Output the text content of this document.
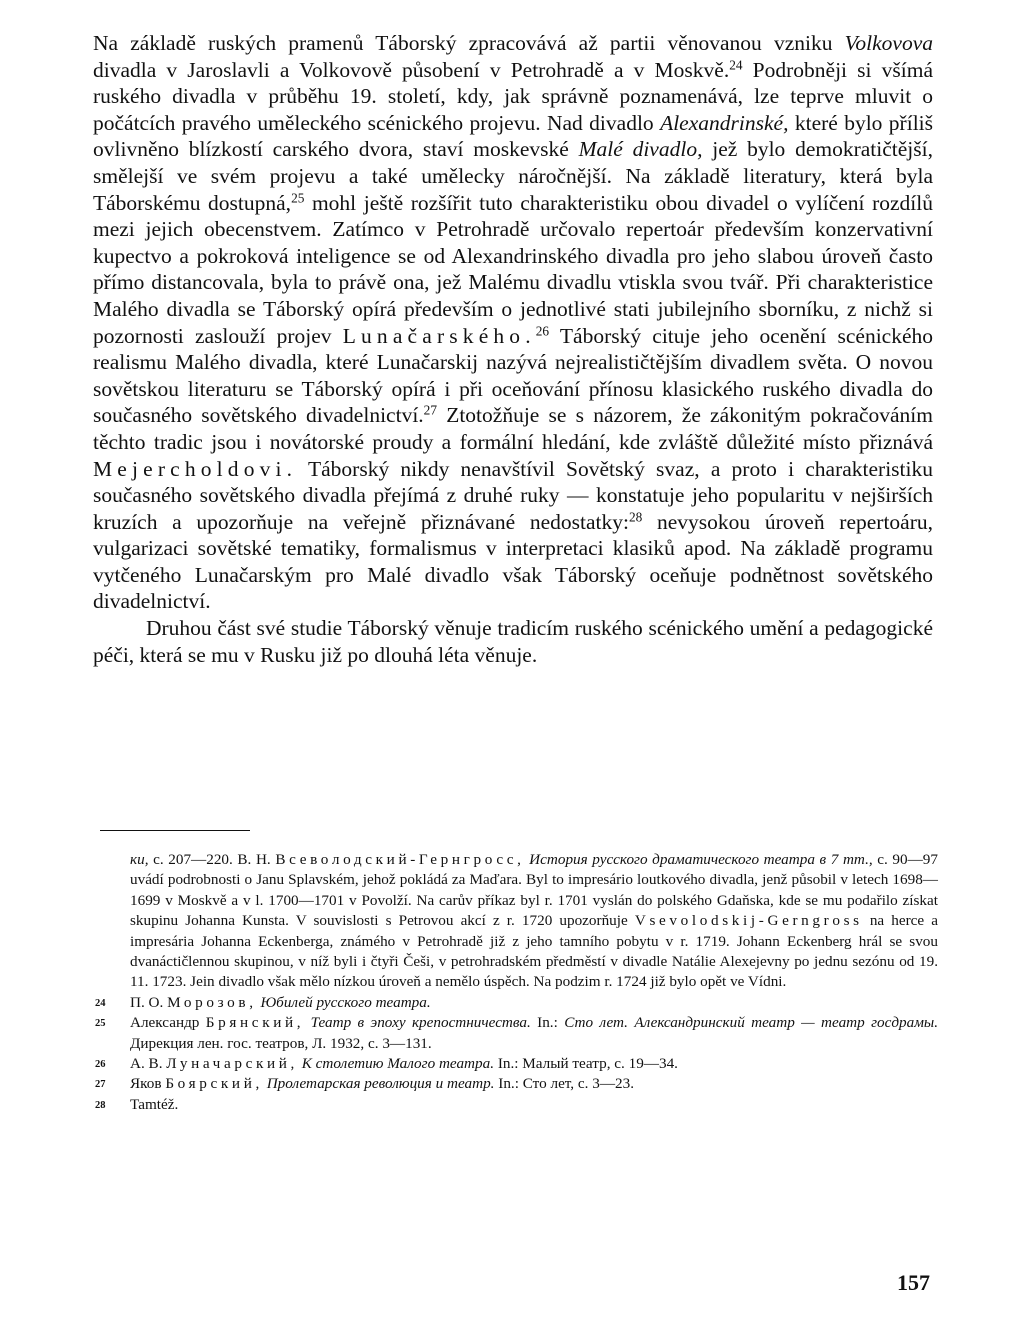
Na základě ruských pramenů Táborský zpracovává až partii věnovanou vzniku Volkovova divadla v Jaroslavli a Volkovově působení v Petrohradě a v Moskvě.$^{24}$ Podrobněji si všímá ruského divadla v průběhu 19. století, kdy, jak správně poznamenává, lze teprve mluvit o počátcích pravého uměleckého scénického projevu. Nad divadlo Alexandrinské, které bylo příliš ovlivněno blízkostí carského dvora, staví moskevské Malé divadlo, jež bylo demokratičtější, smělejší ve svém projevu a také umělecky náročnější. Na základě literatury, která byla Táborskému dostupná,$^{25}$ mohl ještě rozšířit tuto charakteristiku obou divadel o vylíčení rozdílů mezi jejich obecenstvem. Zatímco v Petrohradě určovalo repertoár především konzervativní kupectvo a pokroková inteligence se od Alexandrinského divadla pro jeho slabou úroveň často přímo distancovala, byla to právě ona, jež Malému divadlu vtiskla svou tvář. Při charakteristice Malého divadla se Táborský opírá především o jednotlivé stati jubilejního sborníku, z nichž si pozornosti zaslouží projev Lunačarského.$^{26}$ Táborský cituje jeho ocenění scénického realismu Malého divadla, které Lunačarskij nazývá nejrealističtějším divadlem světa. O novou sovětskou literaturu se Táborský opírá i při oceňování přínosu klasického ruského divadla do současného sovětského divadelnictví.$^{27}$ Ztotožňuje se s názorem, že zákonitým pokračováním těchto tradic jsou i novátorské proudy a formální hledání, kde zvláště důležité místo přiznává Mejercholdovi. Táborský nikdy nenavštívil Sovětský svaz, a proto i charakteristiku současného sovětského divadla přejímá z druhé ruky — konstatuje jeho popularitu v nejširších kruzích a upozorňuje na veřejně přiznávané nedostatky:$^{28}$ nevysokou úroveň repertoáru, vulgarizaci sovětské tematiky, formalismus v interpretaci klasiků apod. Na základě programu vytčeného Lunačarským pro Malé divadlo však Táborský oceňuje podnětnost sovětského divadelnictví.

Druhou část své studie Táborský věnuje tradicím ruského scénického umění a pedagogické péči, která se mu v Rusku již po dlouhá léta věnuje.

ки, с. 207—220. В. Н. Всеволодский-Гернгросс, История русского драматического театра в 7 тт., с. 90—97 uvádí podrobnosti o Janu Splavském, jehož pokládá za Maďara. Byl to impresário loutkového divadla, jenž působil v letech 1698—1699 v Moskvě a v l. 1700—1701 v Povolží. Na carův příkaz byl r. 1701 vyslán do polského Gdaňska, kde se mu podařilo získat skupinu Johanna Kunsta. V souvislosti s Petrovou akcí z r. 1720 upozorňuje Vsevolodskij-Gerngross na herce a impresária Johanna Eckenberga, známého v Petrohradě již z jeho tamního pobytu v r. 1719. Johann Eckenberg hrál se svou dvanáctičlennou skupinou, v níž byli i čtyři Češi, v petrohradském předměstí v divadle Natálie Alexejevny po jednu sezónu od 19. 11. 1723. Jein divadlo však mělo nízkou úroveň a nemělo úspěch. Na podzim r. 1724 již bylo opět ve Vídni.

24 П. О. Морозов, Юбилей русского театра.

25 Александр Брянский, Театр в эпоху крепостничества. In.: Сто лет. Александринский театр — театр госдрамы. Дирекция лен. гос. театров, Л. 1932, с. 3—131.

26 А. В. Луначарский, К столетию Малого театра. In.: Малый театр, с. 19—34.

27 Яков Боярский, Пролетарская революция и театр. In.: Сто лет, с. 3—23.

28 Tamtéž.

157
